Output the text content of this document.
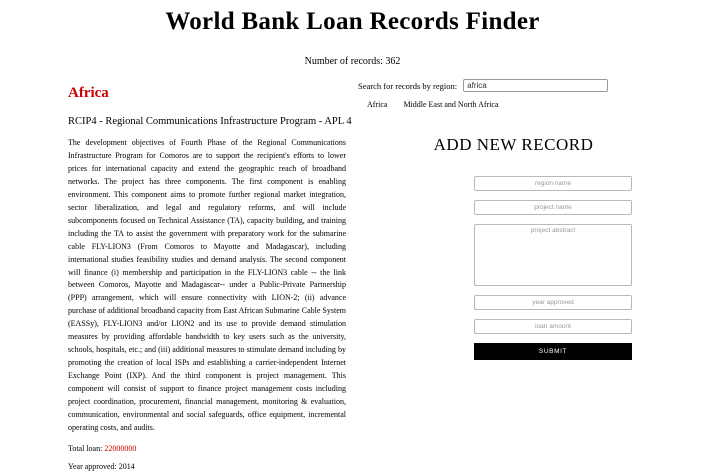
World Bank Loan Records Finder
Number of records: 362
Africa
RCIP4 - Regional Communications Infrastructure Program - APL 4

The development objectives of Fourth Phase of the Regional Communications Infrastructure Program for Comoros are to support the recipient's efforts to lower prices for international capacity and extend the geographic reach of broadband networks. The project has three components. The first component is enabling environment. This component aims to promote further regional market integration, sector liberalization, and legal and regulatory reforms, and will include subcomponents focused on Technical Assistance (TA), capacity building, and training including the TA to assist the government with preparatory work for the submarine cable FLY-LION3 (From Comoros to Mayotte and Madagascar), including international studies feasibility studies and demand analysis. The second component will finance (i) membership and participation in the FLY-LION3 cable -- the link between Comoros, Mayotte and Madagascar-- under a Public-Private Partnership (PPP) arrangement, which will ensure connectivity with LION-2; (ii) advance purchase of additional broadband capacity from East African Submarine Cable System (EASSy), FLY-LION3 and/or LION2 and its use to provide demand stimulation measures by providing affordable bandwidth to key users such as the university, schools, hospitals, etc.; and (iii) additional measures to stimulate demand including by promoting the creation of local ISPs and establishing a carrier-independent Internet Exchange Point (IXP). And the third component is project management. This component will consist of support to finance project management costs including project coordination, procurement, financial management, monitoring & evaluation, communication, environmental and social safeguards, office equipment, incremental operating costs, and audits.

Total loan: 22000000
Year approved: 2014
Search for records by region:
africa
Africa Middle East and North Africa
ADD NEW RECORD
region name
project name
project abstract
year approved
loan amount
SUBMIT
